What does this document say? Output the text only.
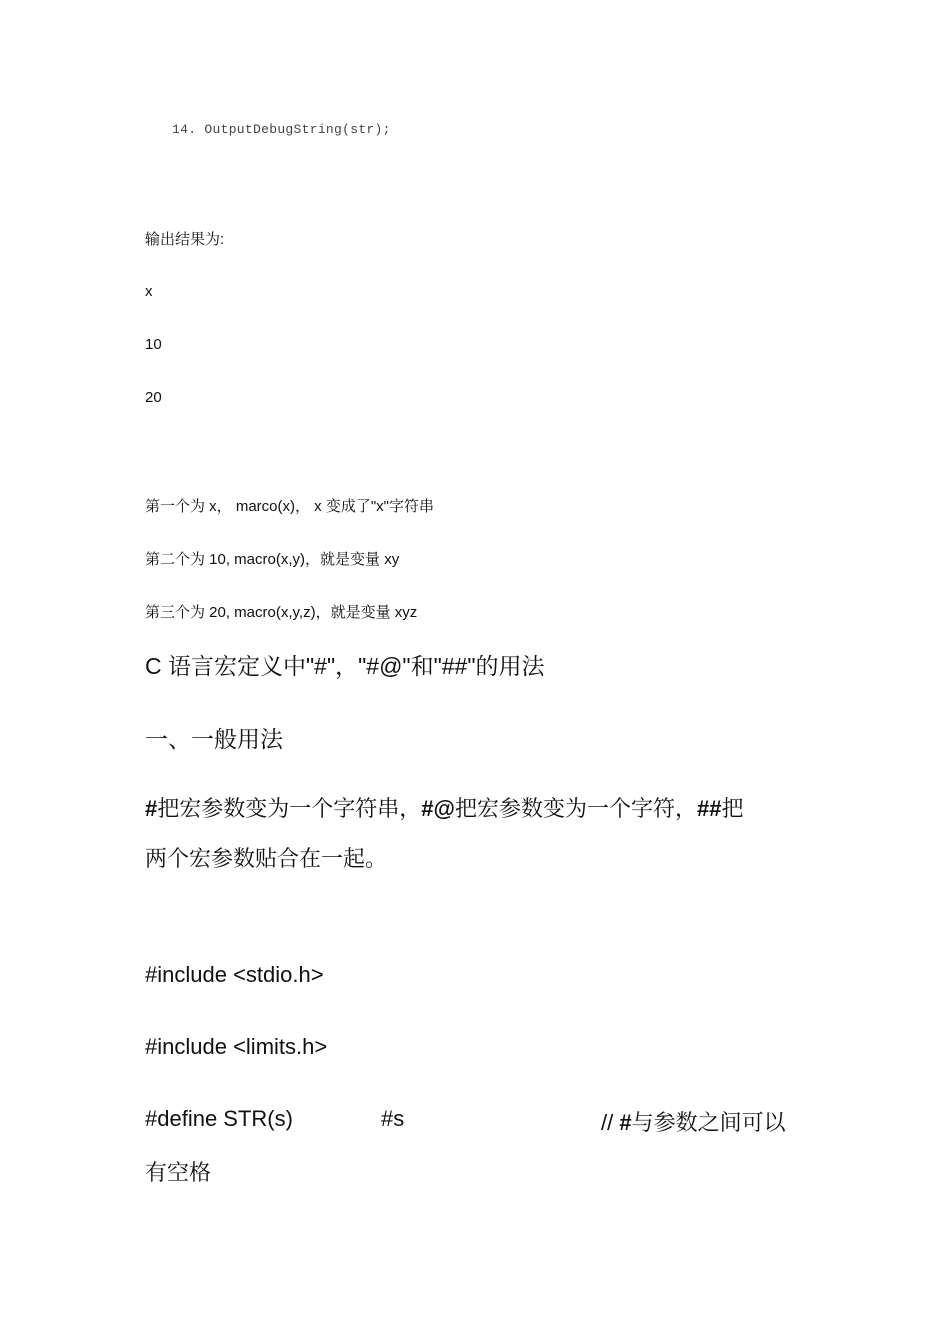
14. OutputDebugString(str);
输出结果为:
x
10
20
第一个为 x， marco(x)， x 变成了"x"字符串
第二个为 10, macro(x,y)，就是变量 xy
第三个为 20, macro(x,y,z)，就是变量 xyz
C 语言宏定义中"#"，"#@"和"##"的用法
一、一般用法
#把宏参数变为一个字符串，#@把宏参数变为一个字符，##把
两个宏参数贴合在一起。
#include <stdio.h>
#include <limits.h>
#define STR(s)	#s	// #与参数之间可以
有空格
